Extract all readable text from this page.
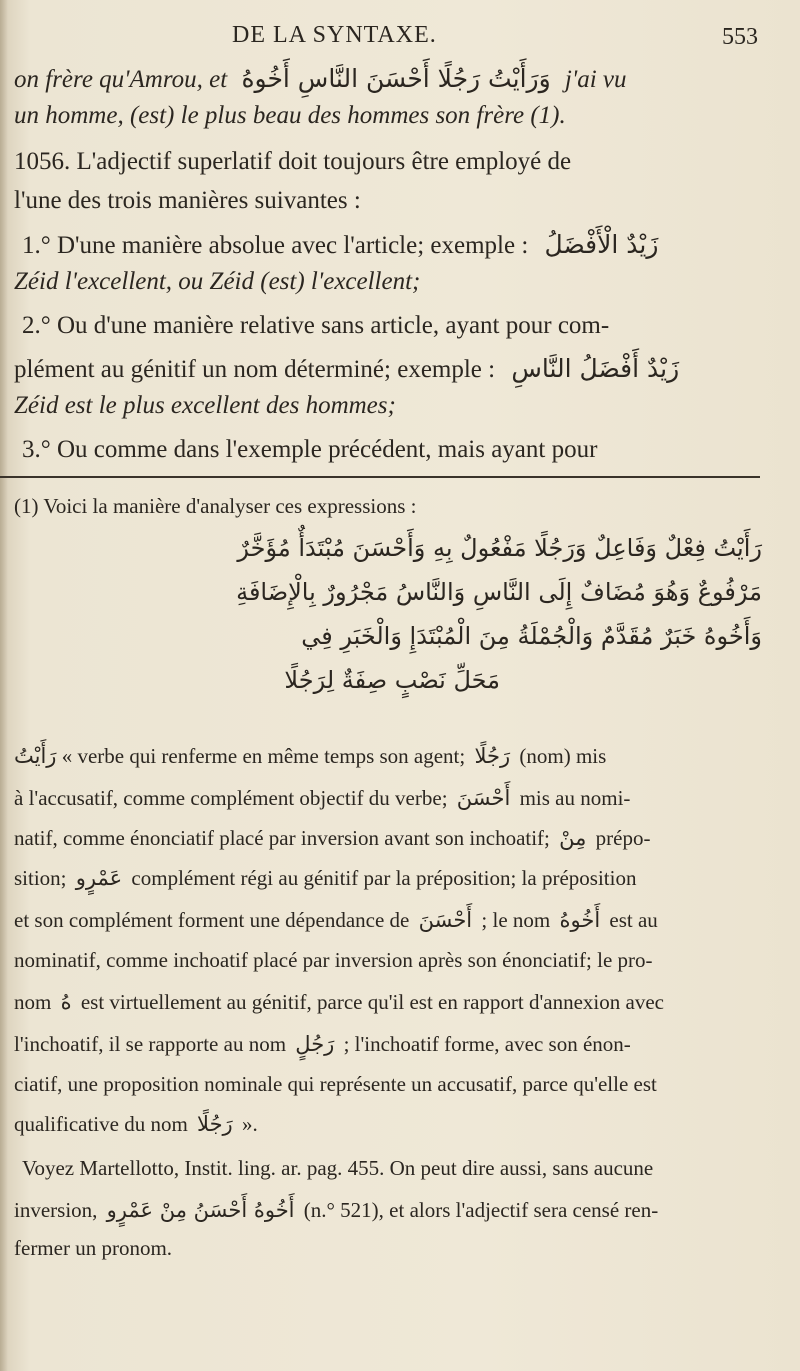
DE LA SYNTAXE.	553
on frère qu'Amrou, et وَرَأَيْتُ رَجُلًا أَحْسَنَ النَّاسِ أَخُوهُ j'ai vu
un homme, (est) le plus beau des hommes son frère (1).
1056. L'adjectif superlatif doit toujours être employé de
l'une des trois manières suivantes :
1.° D'une manière absolue avec l'article; exemple : زَيْدٌ الْأَفْضَلُ
Zéid l'excellent, ou Zéid (est) l'excellent;
2.° Ou d'une manière relative sans article, ayant pour com-
plément au génitif un nom déterminé; exemple : زَيْدٌ أَفْضَلُ النَّاسِ
Zéid est le plus excellent des hommes;
3.° Ou comme dans l'exemple précédent, mais ayant pour
(1) Voici la manière d'analyser ces expressions :
رَأَيْتُ فِعْلٌ وَفَاعِلٌ وَرَجُلًا مَفْعُولٌ بِهِ وَأَحْسَنَ مُبْتَدَأٌ مُؤَخَّرٌ
مَرْفُوعٌ وَهُوَ مُضَافٌ إِلَى النَّاسِ وَالنَّاسُ مَجْرُورٌ بِالْإِضَافَةِ
وَأَخُوهُ خَبَرٌ مُقَدَّمٌ وَالْجُمْلَةُ مِنَ الْمُبْتَدَإِ وَالْخَبَرِ فِي
مَحَلِّ نَصْبٍ صِفَةٌ لِرَجُلًا
رَأَيْتُ « verbe qui renferme en même temps son agent; رَجُلًا (nom) mis
à l'accusatif, comme complément objectif du verbe; أَحْسَنَ mis au nomi-
natif, comme énonciatif placé par inversion avant son inchoatif; مِنْ prépo-
sition; عَمْرٍو complément régi au génitif par la préposition; la préposition
et son complément forment une dépendance de أَحْسَنَ ; le nom أَخُوهُ est au
nominatif, comme inchoatif placé par inversion après son énonciatif; le pro-
nom هُ est virtuellement au génitif, parce qu'il est en rapport d'annexion avec
l'inchoatif, il se rapporte au nom رَجُلٍ ; l'inchoatif forme, avec son énon-
ciatif, une proposition nominale qui représente un accusatif, parce qu'elle est
qualificative du nom رَجُلًا ».
Voyez Martellotto, Instit. ling. ar. pag. 455. On peut dire aussi, sans aucune
inversion, أَخُوهُ أَحْسَنُ مِنْ عَمْرٍو (n.° 521), et alors l'adjectif sera censé ren-
fermer un pronom.
